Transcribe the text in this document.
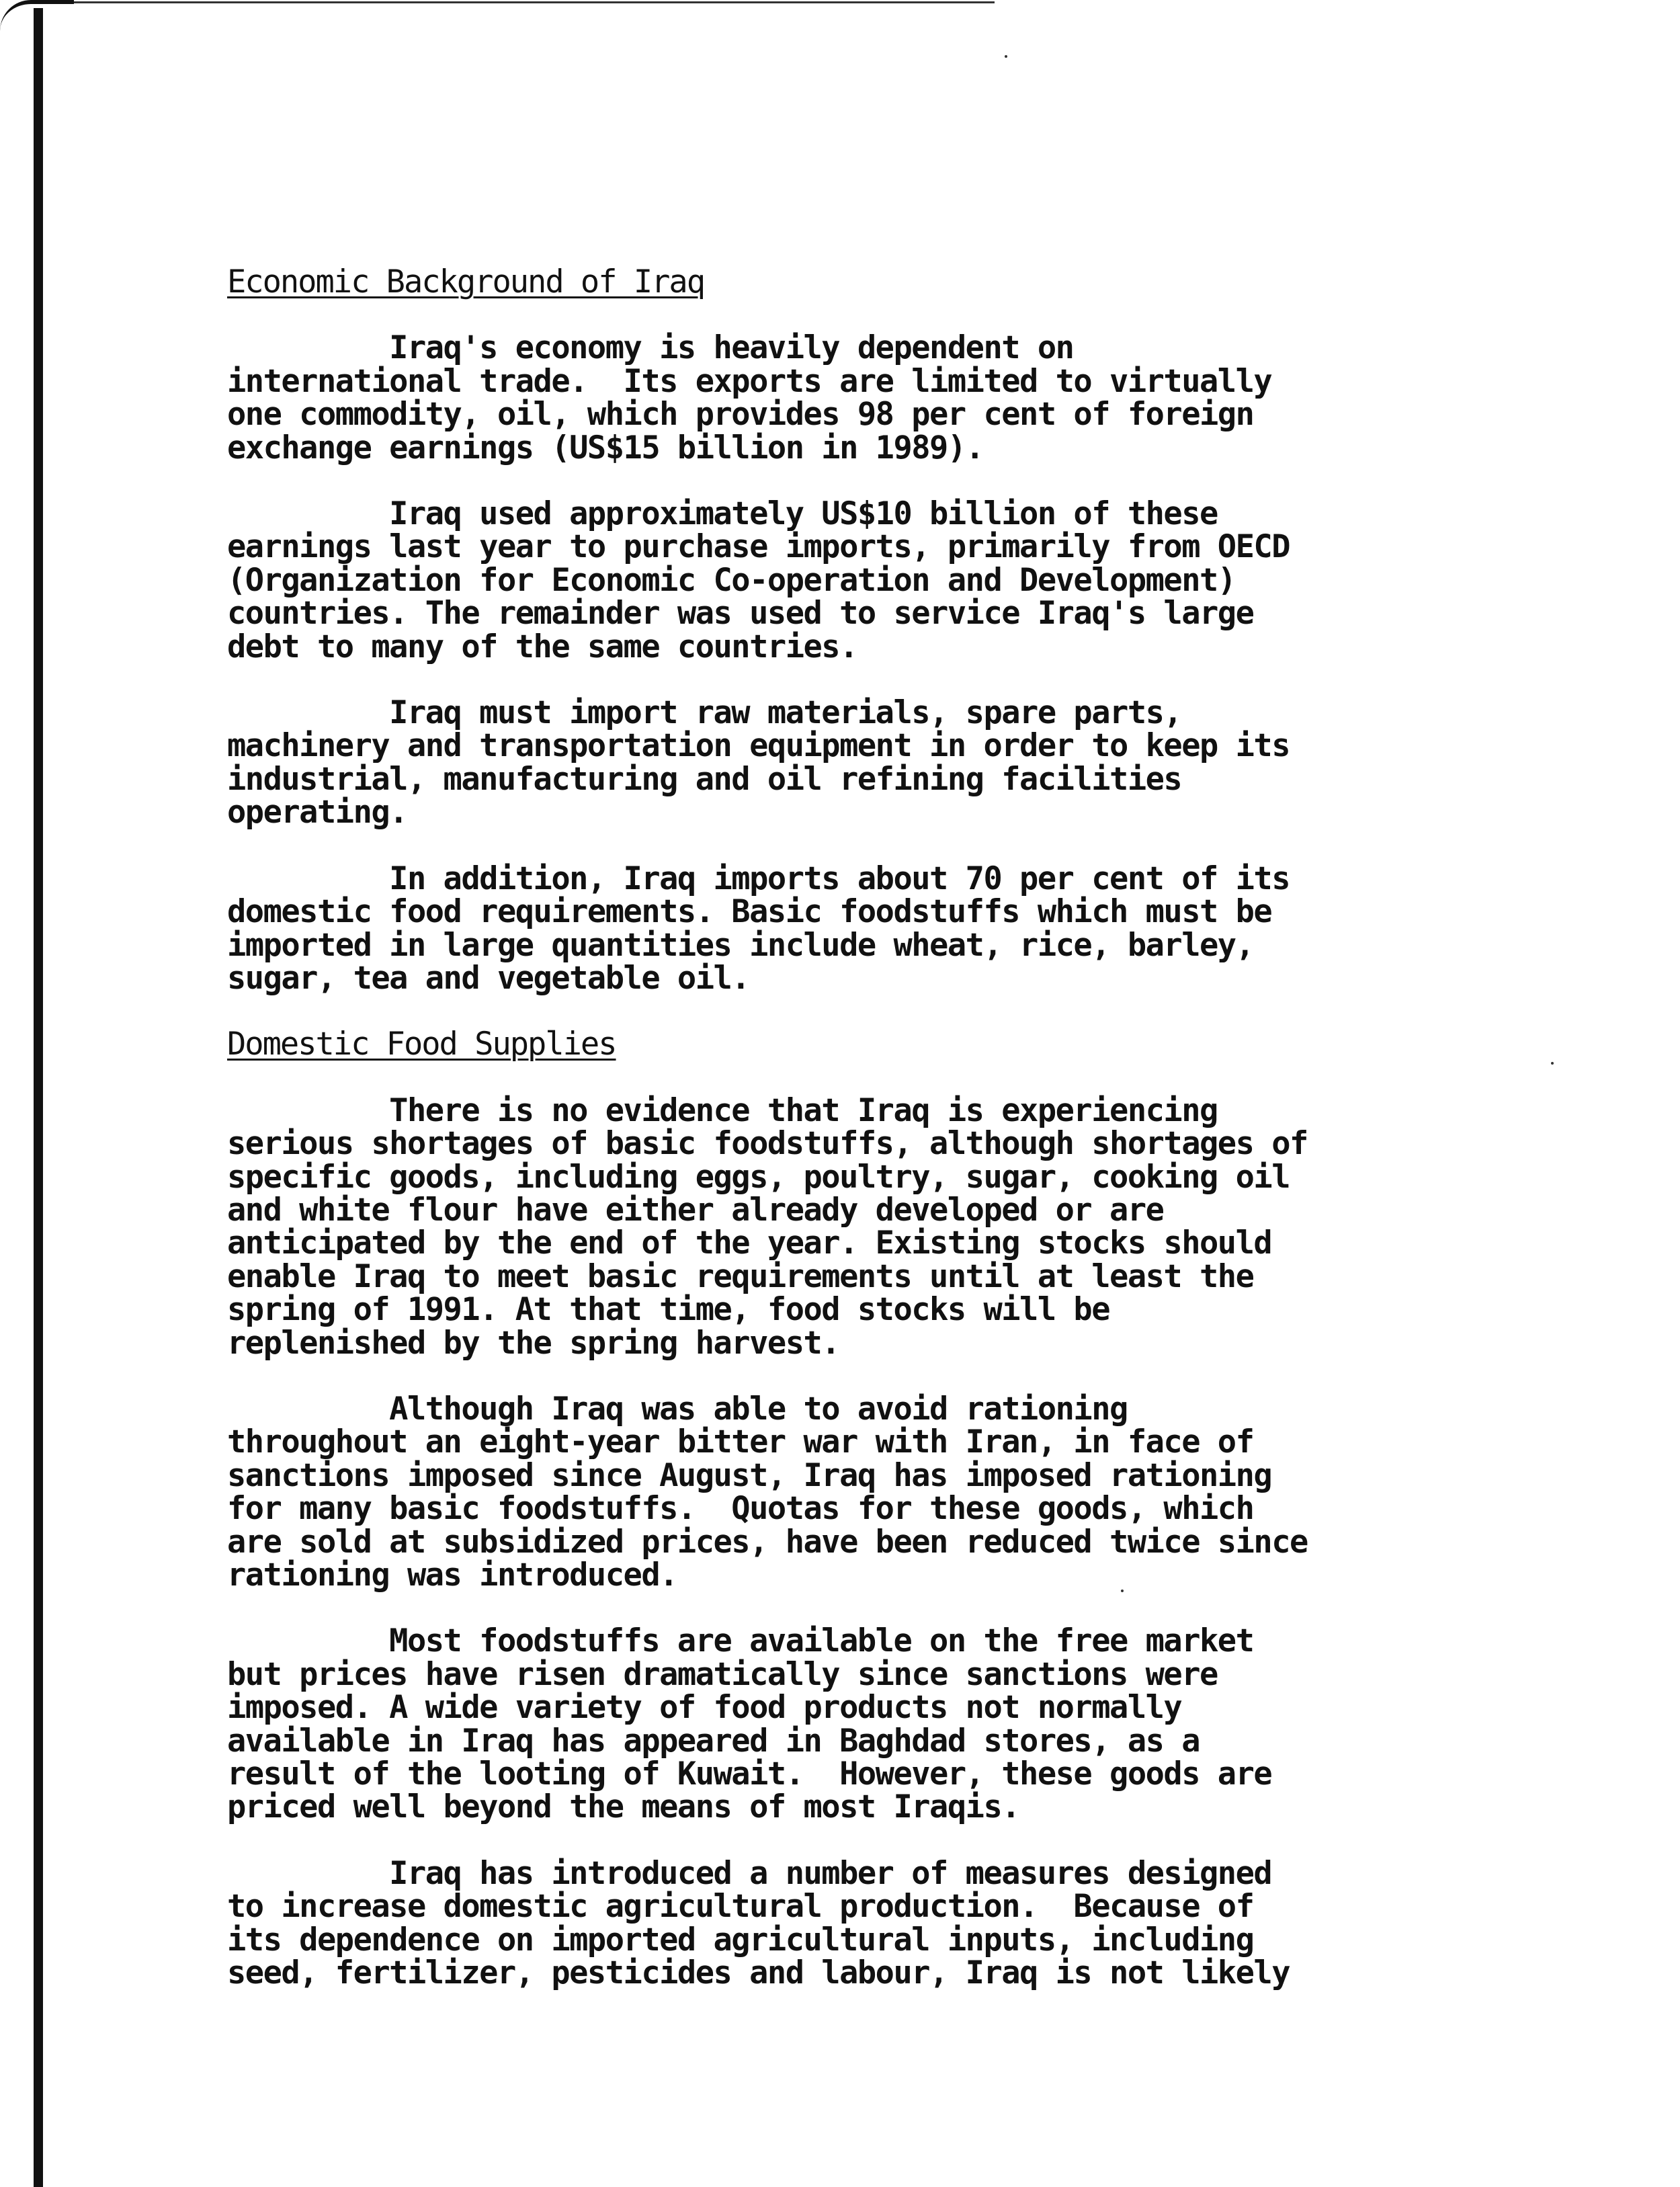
Economic Background of Iraq
Iraq's economy is heavily dependent on
international trade.  Its exports are limited to virtually
one commodity, oil, which provides 98 per cent of foreign
exchange earnings (US$15 billion in 1989).
Iraq used approximately US$10 billion of these
earnings last year to purchase imports, primarily from OECD
(Organization for Economic Co-operation and Development)
countries. The remainder was used to service Iraq's large
debt to many of the same countries.
Iraq must import raw materials, spare parts,
machinery and transportation equipment in order to keep its
industrial, manufacturing and oil refining facilities
operating.
In addition, Iraq imports about 70 per cent of its
domestic food requirements. Basic foodstuffs which must be
imported in large quantities include wheat, rice, barley,
sugar, tea and vegetable oil.
Domestic Food Supplies
There is no evidence that Iraq is experiencing
serious shortages of basic foodstuffs, although shortages of
specific goods, including eggs, poultry, sugar, cooking oil
and white flour have either already developed or are
anticipated by the end of the year. Existing stocks should
enable Iraq to meet basic requirements until at least the
spring of 1991. At that time, food stocks will be
replenished by the spring harvest.
Although Iraq was able to avoid rationing
throughout an eight-year bitter war with Iran, in face of
sanctions imposed since August, Iraq has imposed rationing
for many basic foodstuffs.  Quotas for these goods, which
are sold at subsidized prices, have been reduced twice since
rationing was introduced.
Most foodstuffs are available on the free market
but prices have risen dramatically since sanctions were
imposed. A wide variety of food products not normally
available in Iraq has appeared in Baghdad stores, as a
result of the looting of Kuwait.  However, these goods are
priced well beyond the means of most Iraqis.
Iraq has introduced a number of measures designed
to increase domestic agricultural production.  Because of
its dependence on imported agricultural inputs, including
seed, fertilizer, pesticides and labour, Iraq is not likely
